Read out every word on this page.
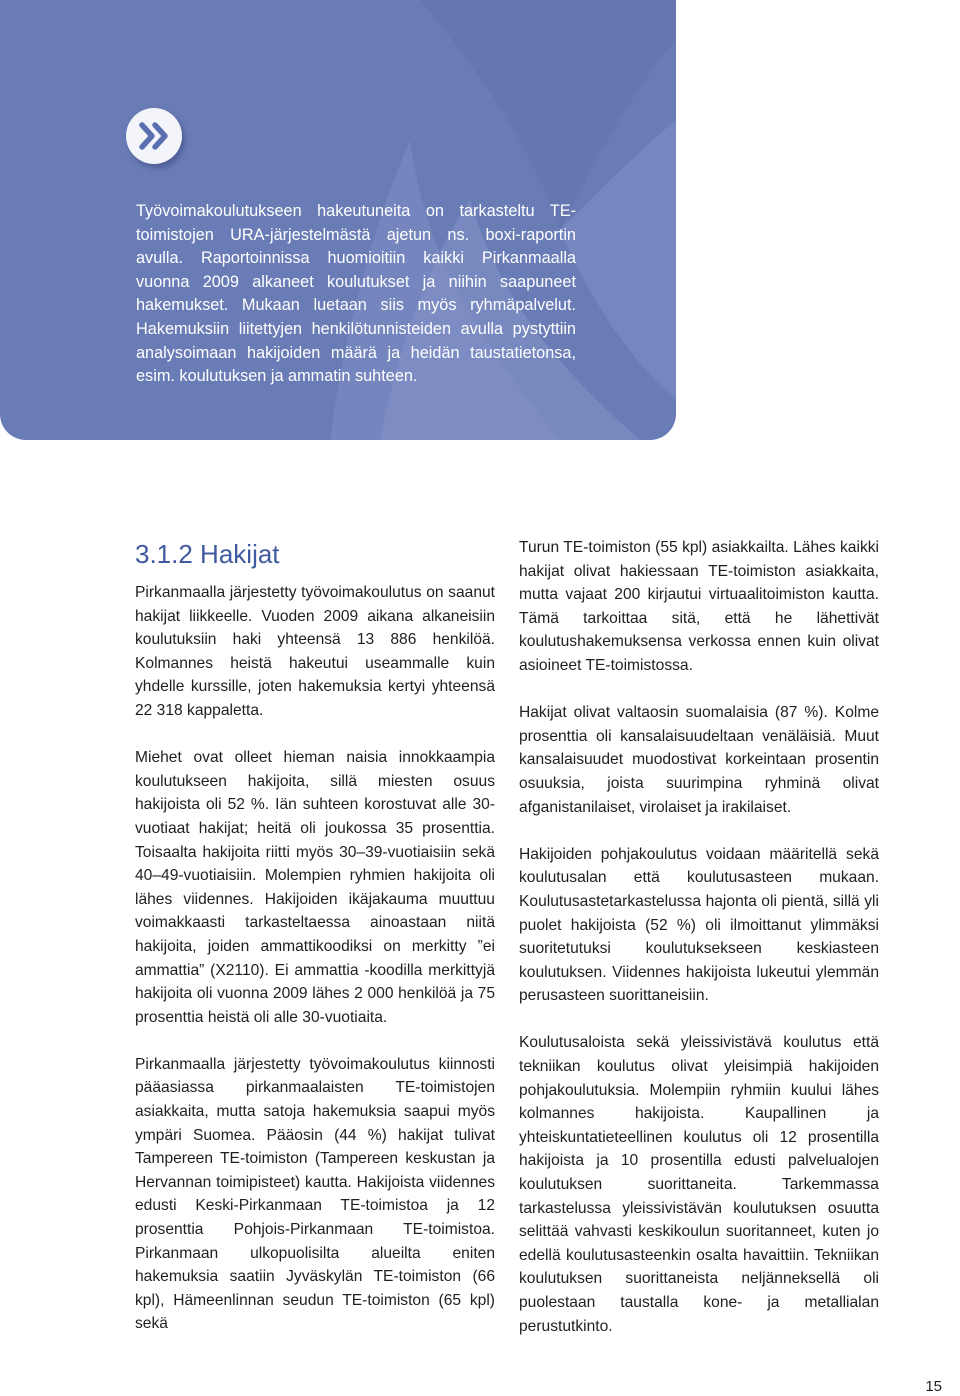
Työvoimakoulutukseen hakeutuneita on tarkasteltu TE-toimistojen URA-järjestelmästä ajetun ns. boxi-raportin avulla. Raportoinnissa huomioitiin kaikki Pirkanmaalla vuonna 2009 alkaneet koulutukset ja niihin saapuneet hakemukset. Mukaan luetaan siis myös ryhmäpalvelut. Hakemuksiin liitettyjen henkilötunnisteiden avulla pystyttiin analysoimaan hakijoiden määrä ja heidän taustatietonsa, esim. koulutuksen ja ammatin suhteen.

3.1.2 Hakijat

Pirkanmaalla järjestetty työvoimakoulutus on saanut hakijat liikkeelle. Vuoden 2009 aikana alkaneisiin koulutuksiin haki yhteensä 13 886 henkilöä. Kolmannes heistä hakeutui useammalle kuin yhdelle kurssille, joten hakemuksia kertyi yhteensä 22 318 kappaletta.

Miehet ovat olleet hieman naisia innokkaampia koulutukseen hakijoita, sillä miesten osuus hakijoista oli 52 %. Iän suhteen korostuvat alle 30-vuotiaat hakijat; heitä oli joukossa 35 prosenttia. Toisaalta hakijoita riitti myös 30–39-vuotiaisiin sekä 40–49-vuotiaisiin. Molempien ryhmien hakijoita oli lähes viidennes. Hakijoiden ikäjakauma muuttuu voimakkaasti tarkasteltaessa ainoastaan niitä hakijoita, joiden ammattikoodiksi on merkitty ”ei ammattia” (X2110). Ei ammattia -koodilla merkittyjä hakijoita oli vuonna 2009 lähes 2 000 henkilöä ja 75 prosenttia heistä oli alle 30-vuotiaita.

Pirkanmaalla järjestetty työvoimakoulutus kiinnosti pääasiassa pirkanmaalaisten TE-toimistojen asiakkaita, mutta satoja hakemuksia saapui myös ympäri Suomea. Pääosin (44 %) hakijat tulivat Tampereen TE-toimiston (Tampereen keskustan ja Hervannan toimipisteet) kautta. Hakijoista viidennes edusti Keski-Pirkanmaan TE-toimistoa ja 12 prosenttia Pohjois-Pirkanmaan TE-toimistoa. Pirkanmaan ulkopuolisilta alueilta eniten hakemuksia saatiin Jyväskylän TE-toimiston (66 kpl), Hämeenlinnan seudun TE-toimiston (65 kpl) sekä

Turun TE-toimiston (55 kpl) asiakkailta. Lähes kaikki hakijat olivat hakiessaan TE-toimiston asiakkaita, mutta vajaat 200 kirjautui virtuaalitoimiston kautta. Tämä tarkoittaa sitä, että he lähettivät koulutushakemuksensa verkossa ennen kuin olivat asioineet TE-toimistossa.

Hakijat olivat valtaosin suomalaisia (87 %). Kolme prosenttia oli kansalaisuudeltaan venäläisiä. Muut kansalaisuudet muodostivat korkeintaan prosentin osuuksia, joista suurimpina ryhminä olivat afganistanilaiset, virolaiset ja irakilaiset.

Hakijoiden pohjakoulutus voidaan määritellä sekä koulutusalan että koulutusasteen mukaan. Koulutusastetarkastelussa hajonta oli pientä, sillä yli puolet hakijoista (52 %) oli ilmoittanut ylimmäksi suoritetutuksi koulutuksekseen keskiasteen koulutuksen. Viidennes hakijoista lukeutui ylemmän perusasteen suorittaneisiin.

Koulutusaloista sekä yleissivistävä koulutus että tekniikan koulutus olivat yleisimpiä hakijoiden pohjakoulutuksia. Molempiin ryhmiin kuului lähes kolmannes hakijoista. Kaupallinen ja yhteiskuntatieteellinen koulutus oli 12 prosentilla hakijoista ja 10 prosentilla edusti palvelualojen koulutuksen suorittaneita. Tarkemmassa tarkastelussa yleissivistävän koulutuksen osuutta selittää vahvasti keskikoulun suoritanneet, kuten jo edellä koulutusasteenkin osalta havaittiin. Tekniikan koulutuksen suorittaneista neljänneksellä oli puolestaan taustalla kone- ja metallialan perustutkinto.

15
